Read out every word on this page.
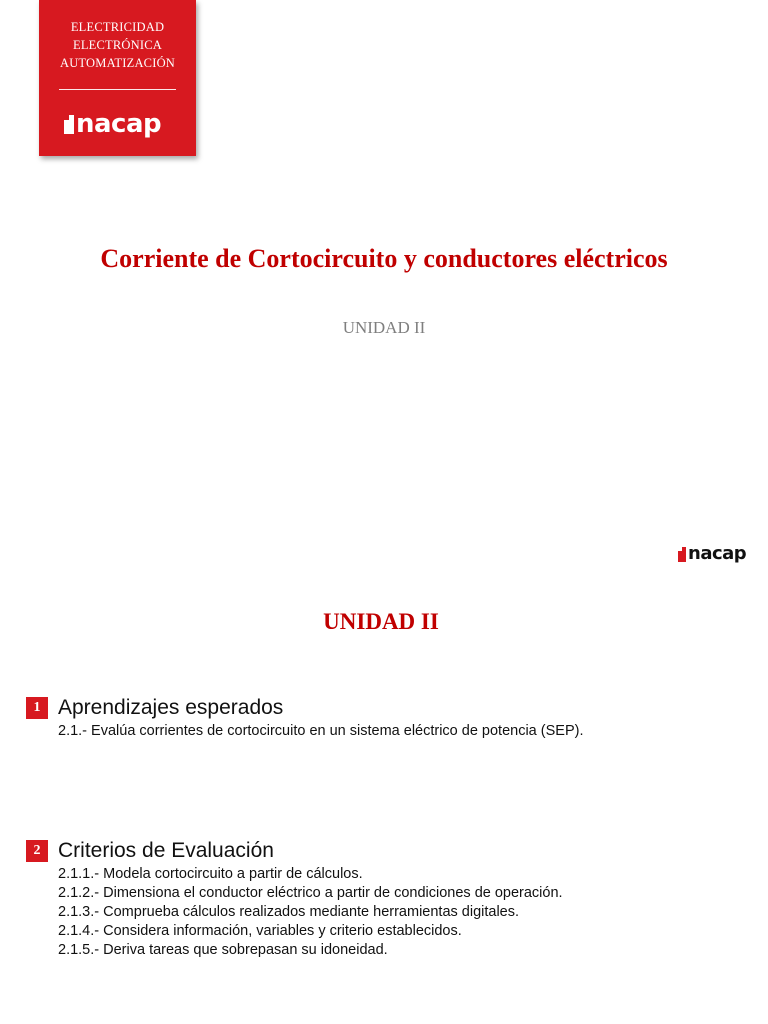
ELECTRICIDAD
ELECTRÓNICA
AUTOMATIZACIÓN
nacap
Corriente de Cortocircuito y conductores eléctricos
UNIDAD II
nacap
UNIDAD II
1 Aprendizajes esperados
2.1.- Evalúa corrientes de cortocircuito en un sistema eléctrico de potencia (SEP).
2 Criterios de Evaluación
2.1.1.- Modela cortocircuito a partir de cálculos.
2.1.2.- Dimensiona el conductor eléctrico a partir de condiciones de operación.
2.1.3.- Comprueba cálculos realizados mediante herramientas digitales.
2.1.4.- Considera información, variables y criterio establecidos.
2.1.5.- Deriva tareas que sobrepasan su idoneidad.
